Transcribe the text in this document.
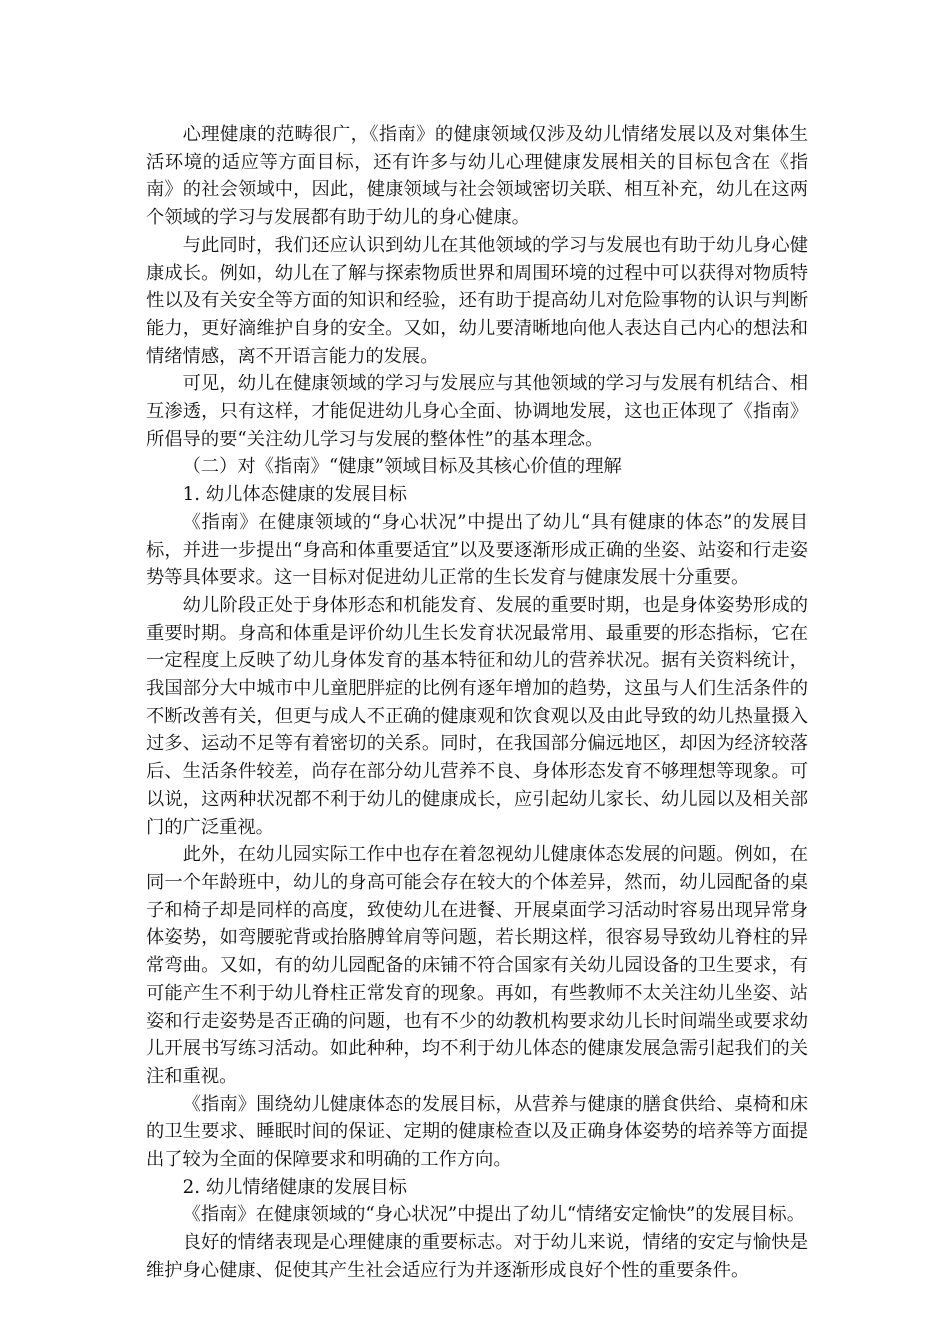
心理健康的范畴很广，《指南》的健康领域仅涉及幼儿情绪发展以及对集体生活环境的适应等方面目标，还有许多与幼儿心理健康发展相关的目标包含在《指南》的社会领域中，因此，健康领域与社会领域密切关联、相互补充，幼儿在这两个领域的学习与发展都有助于幼儿的身心健康。

与此同时，我们还应认识到幼儿在其他领域的学习与发展也有助于幼儿身心健康成长。例如，幼儿在了解与探索物质世界和周围环境的过程中可以获得对物质特性以及有关安全等方面的知识和经验，还有助于提高幼儿对危险事物的认识与判断能力，更好滴维护自身的安全。又如，幼儿要清晰地向他人表达自己内心的想法和情绪情感，离不开语言能力的发展。

可见，幼儿在健康领域的学习与发展应与其他领域的学习与发展有机结合、相互渗透，只有这样，才能促进幼儿身心全面、协调地发展，这也正体现了《指南》所倡导的要“关注幼儿学习与发展的整体性”的基本理念。

（二）对《指南》“健康”领域目标及其核心价值的理解

1. 幼儿体态健康的发展目标

《指南》在健康领域的“身心状况”中提出了幼儿“具有健康的体态”的发展目标，并进一步提出“身高和体重要适宜”以及要逐渐形成正确的坐姿、站姿和行走姿势等具体要求。这一目标对促进幼儿正常的生长发育与健康发展十分重要。

幼儿阶段正处于身体形态和机能发育、发展的重要时期，也是身体姿势形成的重要时期。身高和体重是评价幼儿生长发育状况最常用、最重要的形态指标，它在一定程度上反映了幼儿身体发育的基本特征和幼儿的营养状况。据有关资料统计，我国部分大中城市中儿童肥胖症的比例有逐年增加的趋势，这虽与人们生活条件的不断改善有关，但更与成人不正确的健康观和饮食观以及由此导致的幼儿热量摄入过多、运动不足等有着密切的关系。同时，在我国部分偏远地区，却因为经济较落后、生活条件较差，尚存在部分幼儿营养不良、身体形态发育不够理想等现象。可以说，这两种状况都不利于幼儿的健康成长，应引起幼儿家长、幼儿园以及相关部门的广泛重视。

此外，在幼儿园实际工作中也存在着忽视幼儿健康体态发展的问题。例如，在同一个年龄班中，幼儿的身高可能会存在较大的个体差异，然而，幼儿园配备的桌子和椅子却是同样的高度，致使幼儿在进餐、开展桌面学习活动时容易出现异常身体姿势，如弯腰驼背或抬胳膊耸肩等问题，若长期这样，很容易导致幼儿脊柱的异常弯曲。又如，有的幼儿园配备的床铺不符合国家有关幼儿园设备的卫生要求，有可能产生不利于幼儿脊柱正常发育的现象。再如，有些教师不太关注幼儿坐姿、站姿和行走姿势是否正确的问题，也有不少的幼教机构要求幼儿长时间端坐或要求幼儿开展书写练习活动。如此种种，均不利于幼儿体态的健康发展急需引起我们的关注和重视。

《指南》围绕幼儿健康体态的发展目标，从营养与健康的膳食供给、桌椅和床的卫生要求、睡眠时间的保证、定期的健康检查以及正确身体姿势的培养等方面提出了较为全面的保障要求和明确的工作方向。

2. 幼儿情绪健康的发展目标

《指南》在健康领域的“身心状况”中提出了幼儿“情绪安定愉快”的发展目标。

良好的情绪表现是心理健康的重要标志。对于幼儿来说，情绪的安定与愉快是维护身心健康、促使其产生社会适应行为并逐渐形成良好个性的重要条件。
